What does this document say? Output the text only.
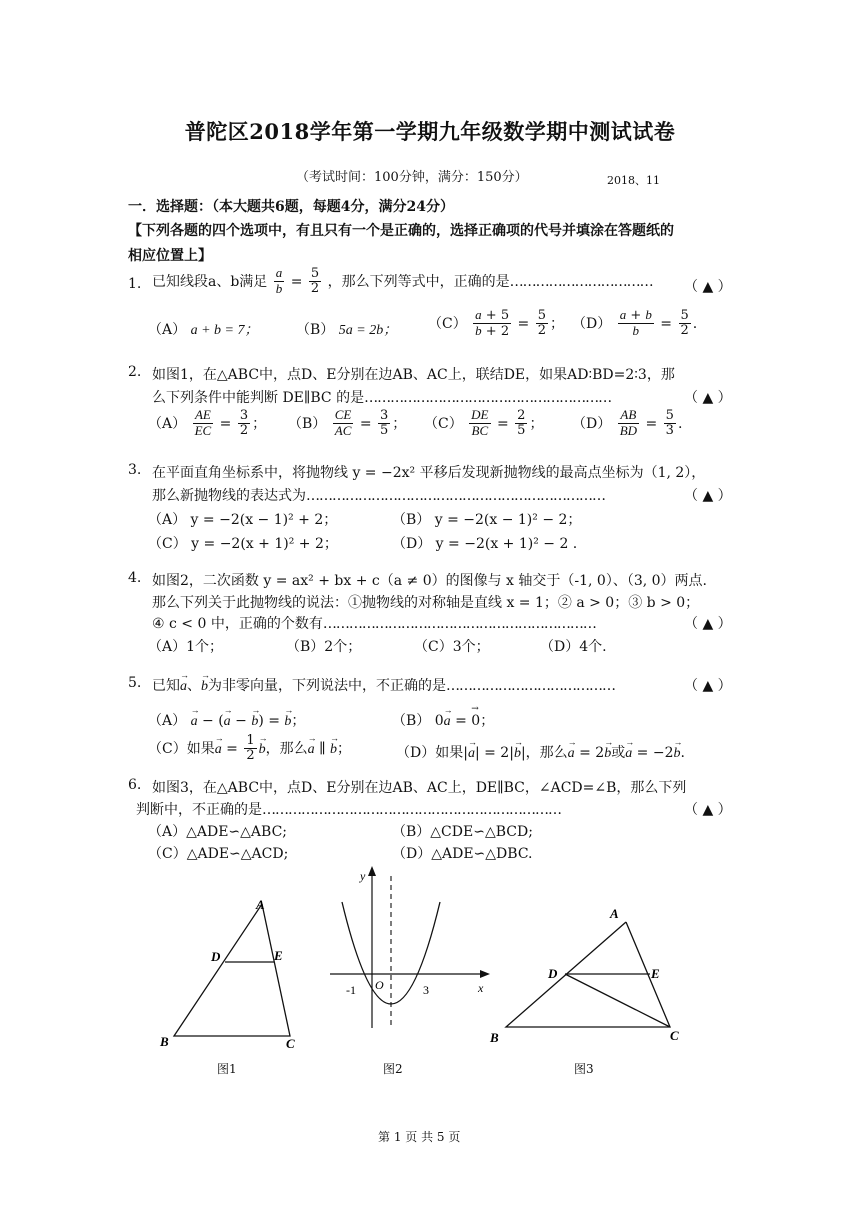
普陀区2018学年第一学期九年级数学期中测试试卷
（考试时间：100分钟，满分：150分）	2018、11
一．选择题：（本大题共6题，每题4分，满分24分）
【下列各题的四个选项中，有且只有一个是正确的，选择正确项的代号并填涂在答题纸的
相应位置上】
1. 已知线段a、b满足 $\frac{a}{b} = \frac{5}{2}$ ，那么下列等式中，正确的是…………………………… （ ▲ ）
（A） a + b = 7；	（B） 5a = 2b； $(C) \frac{a + 5}{b + 2} = \frac{5}{2}$ ； $(D) \frac{a + b}{b} = \frac{5}{2}$ .
2. 如图1，在△ABC中，点D、E分别在边AB、AC上，联结DE，如果AD∶BD=2∶3，那
么下列条件中能判断 DE∥BC 的是…………………………………………………	（ ▲ ）
$(A) \frac{AE}{EC} = \frac{3}{2}$ ； $(B) \frac{CE}{AC} = \frac{3}{5}$ ； $(C) \frac{DE}{BC} = \frac{2}{5}$ ； $(D) \frac{AB}{BD} = \frac{5}{3}$ .
3. 在平面直角坐标系中，将抛物线 y = −2x² 平移后发现新抛物线的最高点坐标为（1, 2），
那么新抛物线的表达式为……………………………………………………………	（ ▲ ）
（A） y = −2(x − 1)² + 2；	（B） y = −2(x − 1)² − 2；
（C） y = −2(x + 1)² + 2；	（D） y = −2(x + 1)² − 2 .
4. 如图2，二次函数 y = ax² + bx + c（a ≠ 0）的图像与 x 轴交于（-1, 0）、（3, 0）两点.
那么下列关于此抛物线的说法：①抛物线的对称轴是直线 x = 1；② a > 0；③ b > 0；
④ c < 0 中，正确的个数有………………………………………………………	（ ▲ ）
（A）1个；	（B）2个；	（C）3个；	（D）4个.
5. 已知→ a、→ b为非零向量，下列说法中，不正确的是…………………………………	（ ▲ ）
（A） → a − (→ a − → b) = → b；	（B） 0→ a = → 0；
（C）如果→ $a = \frac{1}{2}$
→ b，那么→ a ∥ → b；	（D）如果|→ a| = 2|→ b|，那么→ a = 2→ b或→ a = −2→ b.
6. 如图3，在△ABC中，点D、E分别在边AB、AC上，DE∥BC，∠ACD=∠B，那么下列
判断中，不正确的是……………………………………………………………	（ ▲ ）
（A）△ADE∽△ABC;	（B）△CDE∽△BCD;
（C）△ADE∽△ACD;	（D）△ADE∽△DBC.
A
D	E
B	C
图1
y
x
O
-1	3
图2
A
D	E
B	C
图3
第 1 页 共 5 页
